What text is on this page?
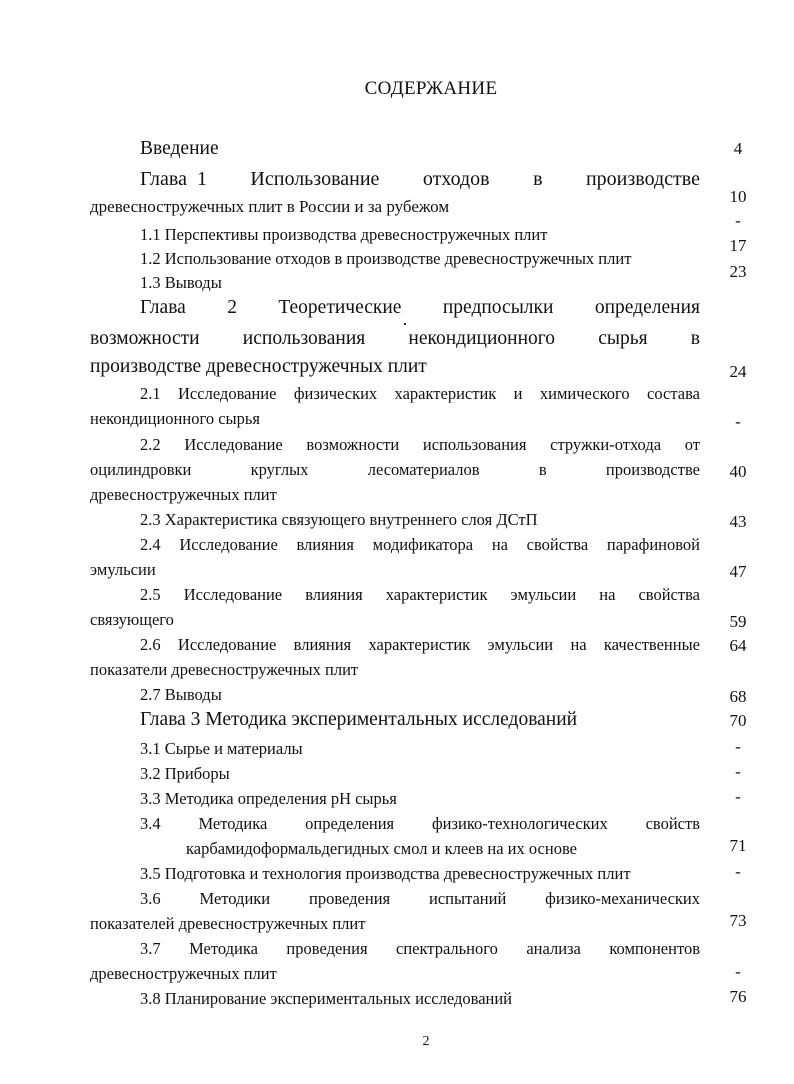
СОДЕРЖАНИЕ
Введение
Глава 1 Использование отходов в производстве
древесностружечных плит в России и за рубежом
1.1 Перспективы производства древесностружечных плит
1.2 Использование отходов в производстве древесностружечных плит
1.3 Выводы
Глава 2 Теоретические предпосылки определения
возможности использования некондиционного сырья в
производстве древесностружечных плит
2.1 Исследование физических характеристик и химического состава
некондиционного сырья
2.2 Исследование возможности использования стружки-отхода от
оцилиндровки круглых лесоматериалов в производстве
древесностружечных плит
2.3 Характеристика связующего внутреннего слоя ДСтП
2.4 Исследование влияния модификатора на свойства парафиновой
эмульсии
2.5 Исследование влияния характеристик эмульсии на свойства
связующего
2.6 Исследование влияния характеристик эмульсии на качественные
показатели древесностружечных плит
2.7 Выводы
Глава 3 Методика экспериментальных исследований
3.1 Сырье и материалы
3.2 Приборы
3.3 Методика определения pH сырья
3.4 Методика определения физико-технологических свойств
карбамидоформальдегидных смол и клеев на их основе
3.5 Подготовка и технология производства древесностружечных плит
3.6 Методики проведения испытаний физико-механических
показателей древесностружечных плит
3.7 Методика проведения спектрального анализа компонентов
древесностружечных плит
3.8 Планирование экспериментальных исследований
4
10
-
17
23
24
-
40
43
47
59
64
68
70
-
-
-
71
-
73
-
76
2
